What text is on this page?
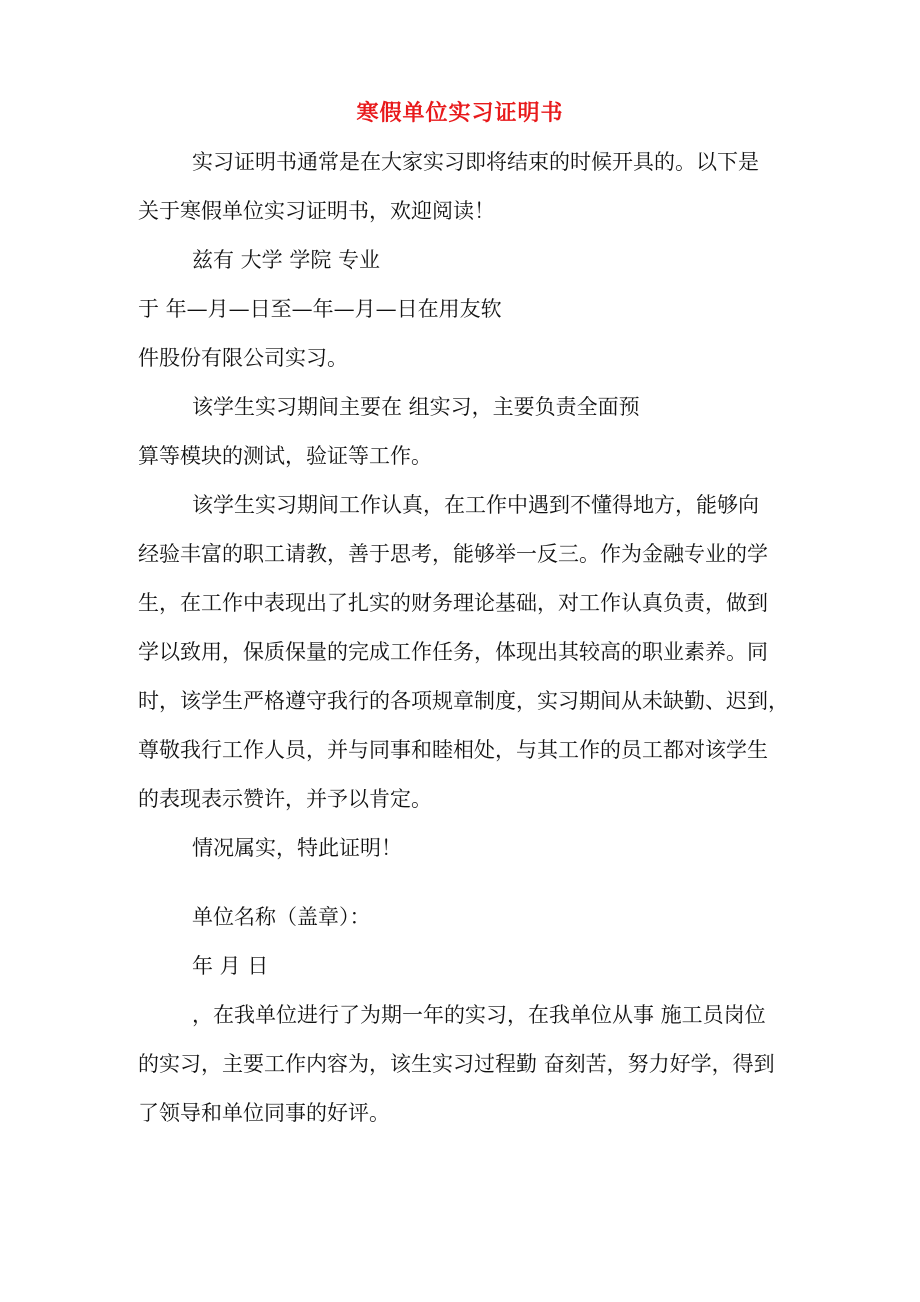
寒假单位实习证明书
实习证明书通常是在大家实习即将结束的时候开具的。以下是
关于寒假单位实习证明书，欢迎阅读！
兹有 大学 学院 专业
于 年—月—日至—年—月—日在用友软
件股份有限公司实习。
该学生实习期间主要在 组实习，主要负责全面预
算等模块的测试，验证等工作。
该学生实习期间工作认真，在工作中遇到不懂得地方，能够向
经验丰富的职工请教，善于思考，能够举一反三。作为金融专业的学
生，在工作中表现出了扎实的财务理论基础，对工作认真负责，做到
学以致用，保质保量的完成工作任务，体现出其较高的职业素养。同
时，该学生严格遵守我行的各项规章制度，实习期间从未缺勤、迟到，
尊敬我行工作人员，并与同事和睦相处，与其工作的员工都对该学生
的表现表示赞许，并予以肯定。
情况属实，特此证明！
单位名称（盖章）：
年 月 日
，在我单位进行了为期一年的实习，在我单位从事 施工员岗位
的实习，主要工作内容为，该生实习过程勤 奋刻苦，努力好学，得到
了领导和单位同事的好评。
